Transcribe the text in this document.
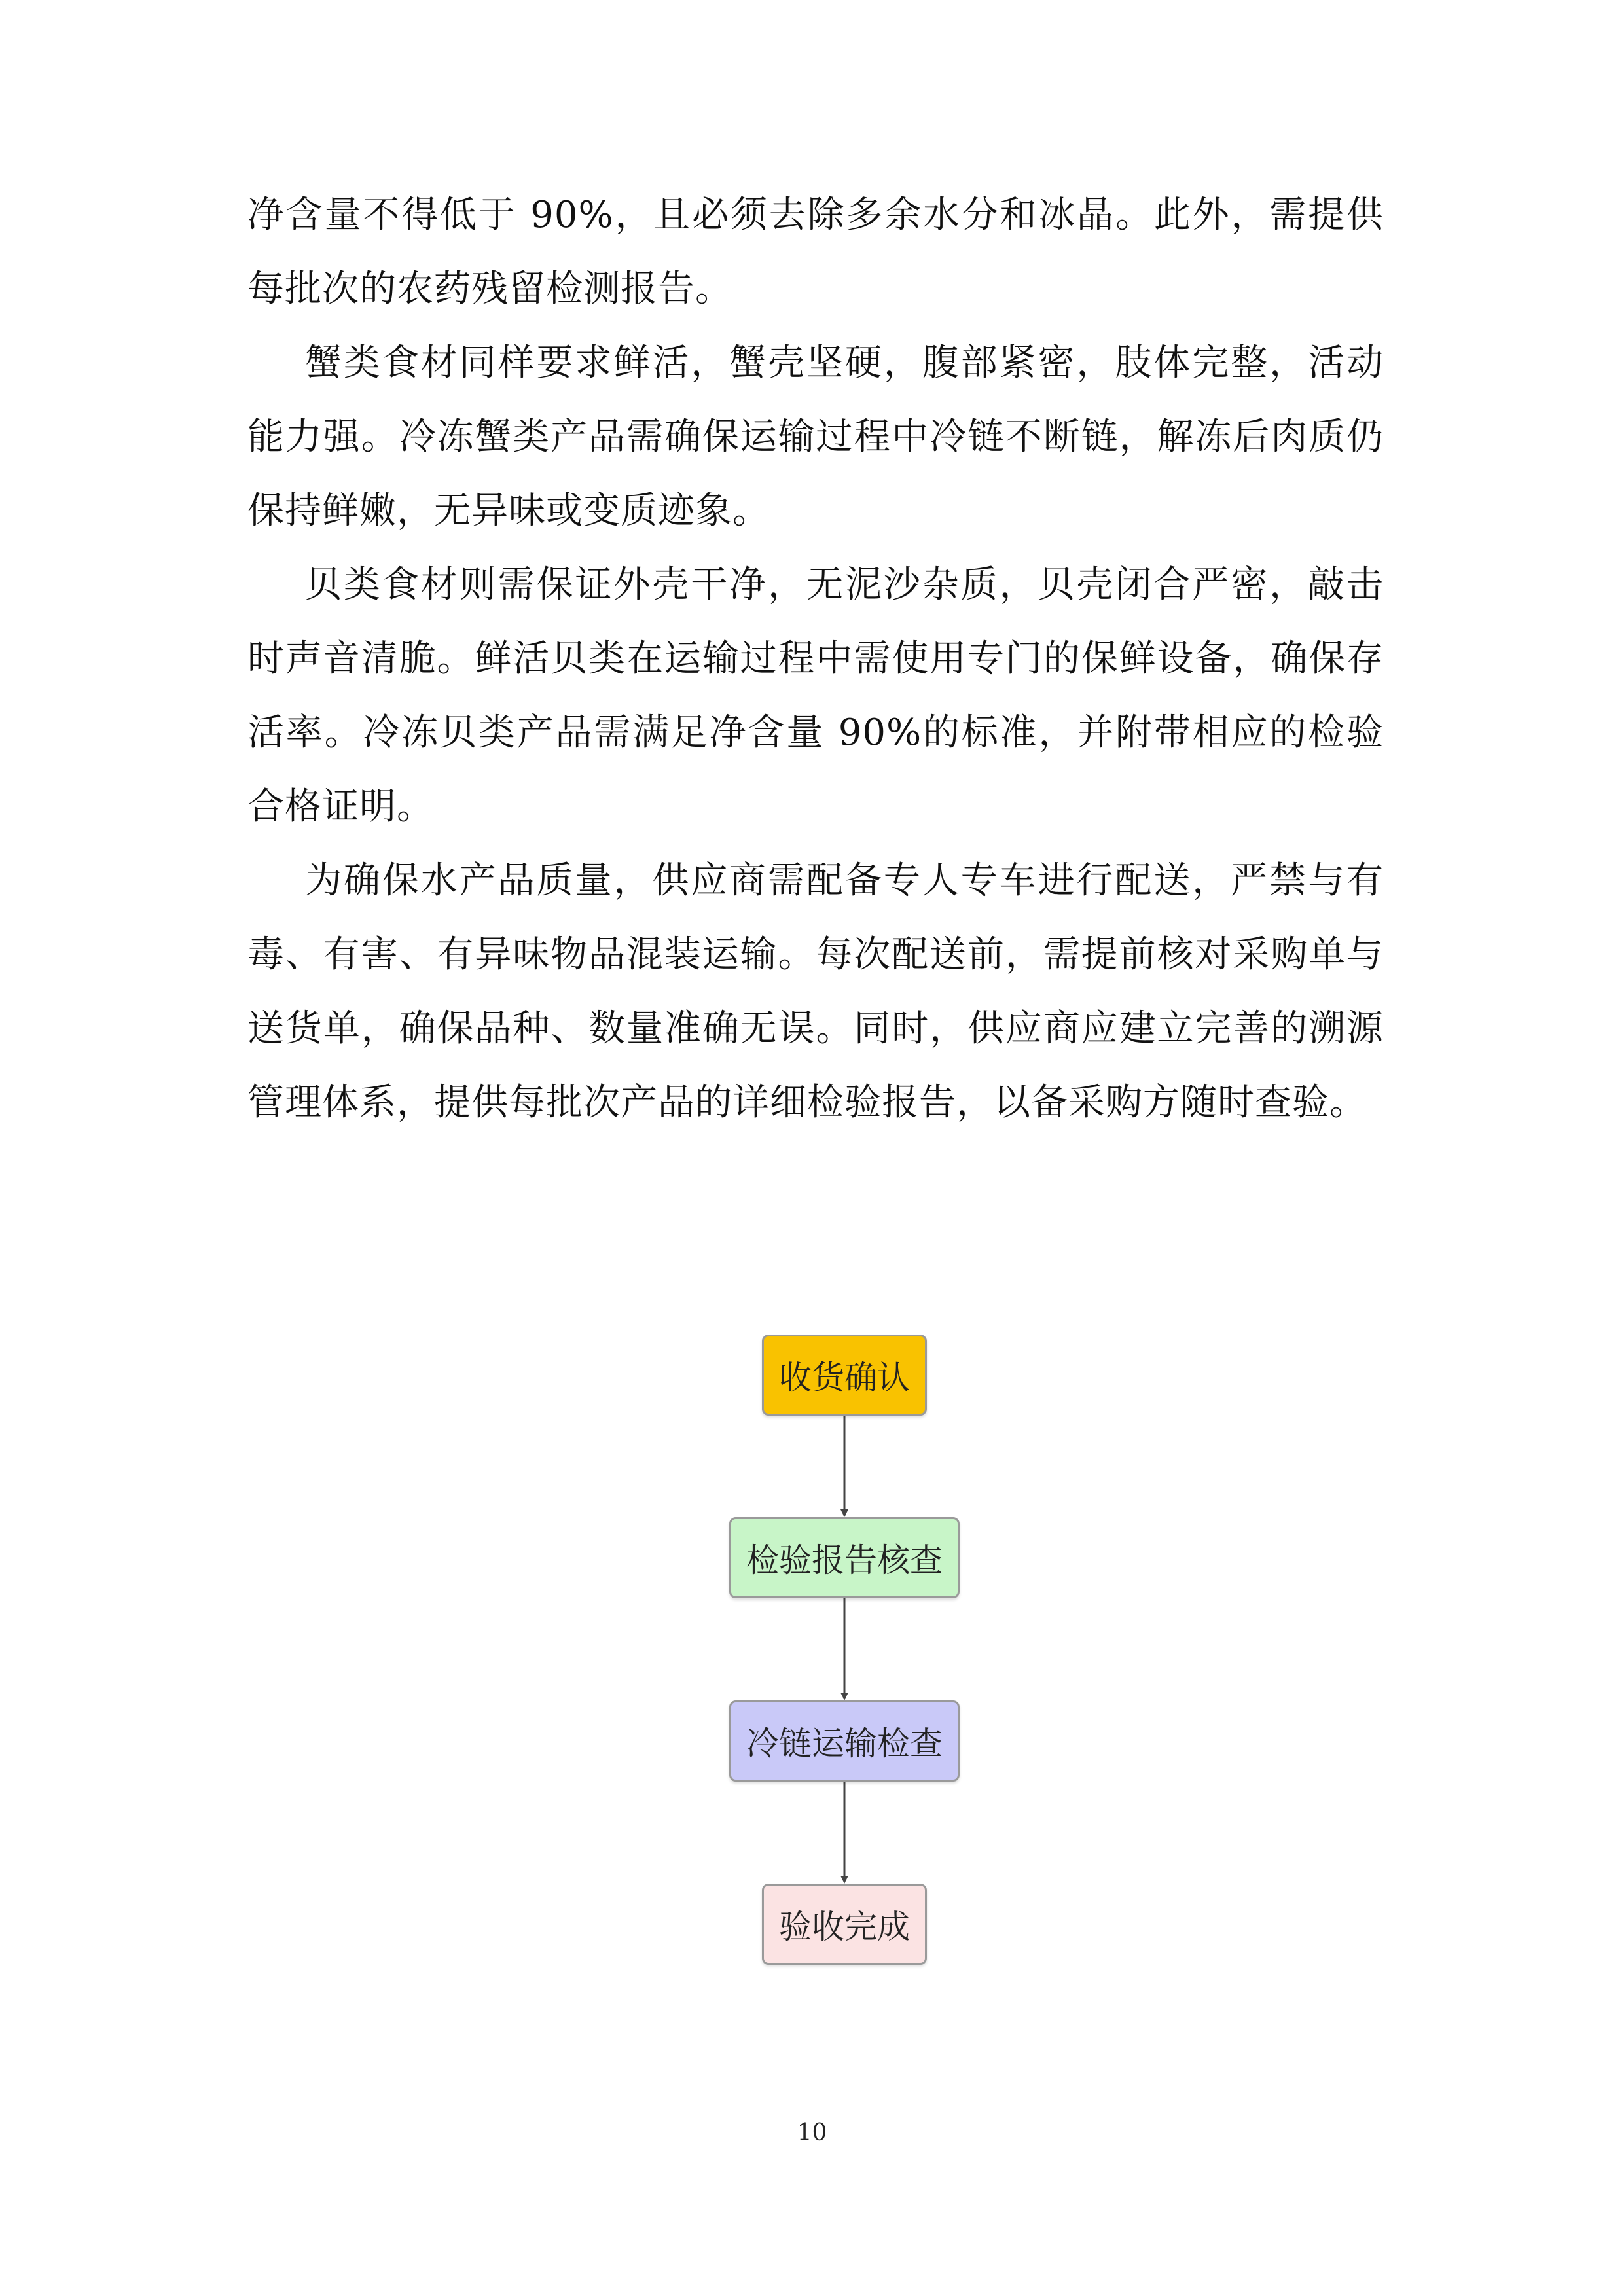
净含量不得低于 90%，且必须去除多余水分和冰晶。此外，需提供每批次的农药残留检测报告。

蟹类食材同样要求鲜活，蟹壳坚硬，腹部紧密，肢体完整，活动能力强。冷冻蟹类产品需确保运输过程中冷链不断链，解冻后肉质仍保持鲜嫩，无异味或变质迹象。

贝类食材则需保证外壳干净，无泥沙杂质，贝壳闭合严密，敲击时声音清脆。鲜活贝类在运输过程中需使用专门的保鲜设备，确保存活率。冷冻贝类产品需满足净含量 90%的标准，并附带相应的检验合格证明。

为确保水产品质量，供应商需配备专人专车进行配送，严禁与有毒、有害、有异味物品混装运输。每次配送前，需提前核对采购单与送货单，确保品种、数量准确无误。同时，供应商应建立完善的溯源管理体系，提供每批次产品的详细检验报告，以备采购方随时查验。

收货确认
检验报告核查
冷链运输检查
验收完成
10
